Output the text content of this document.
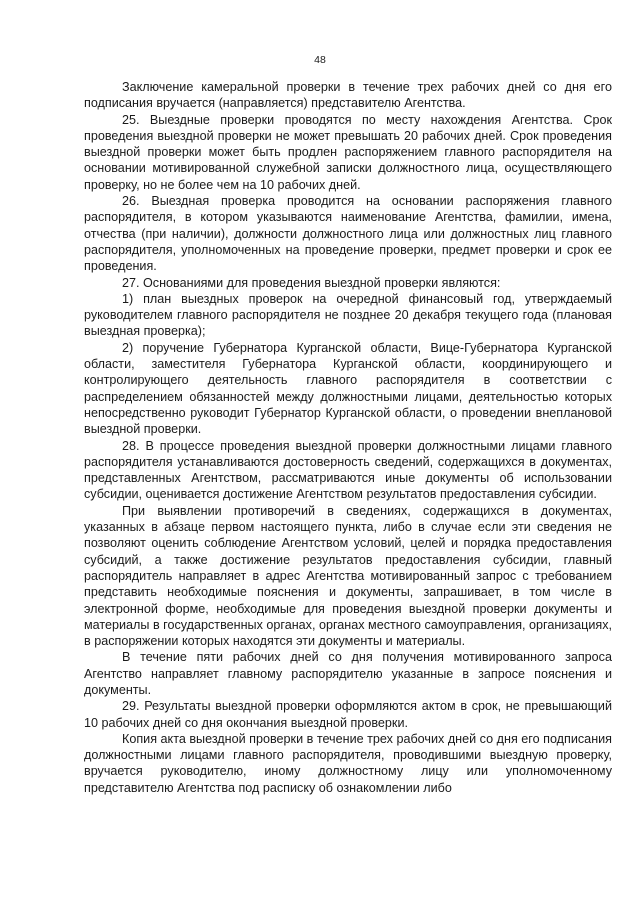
48

Заключение камеральной проверки в течение трех рабочих дней со дня его подписания вручается (направляется) представителю Агентства.

25. Выездные проверки проводятся по месту нахождения Агентства. Срок проведения выездной проверки не может превышать 20 рабочих дней. Срок проведения выездной проверки может быть продлен распоряжением главного распорядителя на основании мотивированной служебной записки должностного лица, осуществляющего проверку, но не более чем на 10 рабочих дней.

26. Выездная проверка проводится на основании распоряжения главного распорядителя, в котором указываются наименование Агентства, фамилии, имена, отчества (при наличии), должности должностного лица или должностных лиц главного распорядителя, уполномоченных на проведение проверки, предмет проверки и срок ее проведения.

27. Основаниями для проведения выездной проверки являются:

1) план выездных проверок на очередной финансовый год, утверждаемый руководителем главного распорядителя не позднее 20 декабря текущего года (плановая выездная проверка);

2) поручение Губернатора Курганской области, Вице-Губернатора Курганской области, заместителя Губернатора Курганской области, координирующего и контролирующего деятельность главного распорядителя в соответствии с распределением обязанностей между должностными лицами, деятельностью которых непосредственно руководит Губернатор Курганской области, о проведении внеплановой выездной проверки.

28. В процессе проведения выездной проверки должностными лицами главного распорядителя устанавливаются достоверность сведений, содержащихся в документах, представленных Агентством, рассматриваются иные документы об использовании субсидии, оценивается достижение Агентством результатов предоставления субсидии.

При выявлении противоречий в сведениях, содержащихся в документах, указанных в абзаце первом настоящего пункта, либо в случае если эти сведения не позволяют оценить соблюдение Агентством условий, целей и порядка предоставления субсидий, а также достижение результатов предоставления субсидии, главный распорядитель направляет в адрес Агентства мотивированный запрос с требованием представить необходимые пояснения и документы, запрашивает, в том числе в электронной форме, необходимые для проведения выездной проверки документы и материалы в государственных органах, органах местного самоуправления, организациях, в распоряжении которых находятся эти документы и материалы.

В течение пяти рабочих дней со дня получения мотивированного запроса Агентство направляет главному распорядителю указанные в запросе пояснения и документы.

29. Результаты выездной проверки оформляются актом в срок, не превышающий 10 рабочих дней со дня окончания выездной проверки.

Копия акта выездной проверки в течение трех рабочих дней со дня его подписания должностными лицами главного распорядителя, проводившими выездную проверку, вручается руководителю, иному должностному лицу или уполномоченному представителю Агентства под расписку об ознакомлении либо
